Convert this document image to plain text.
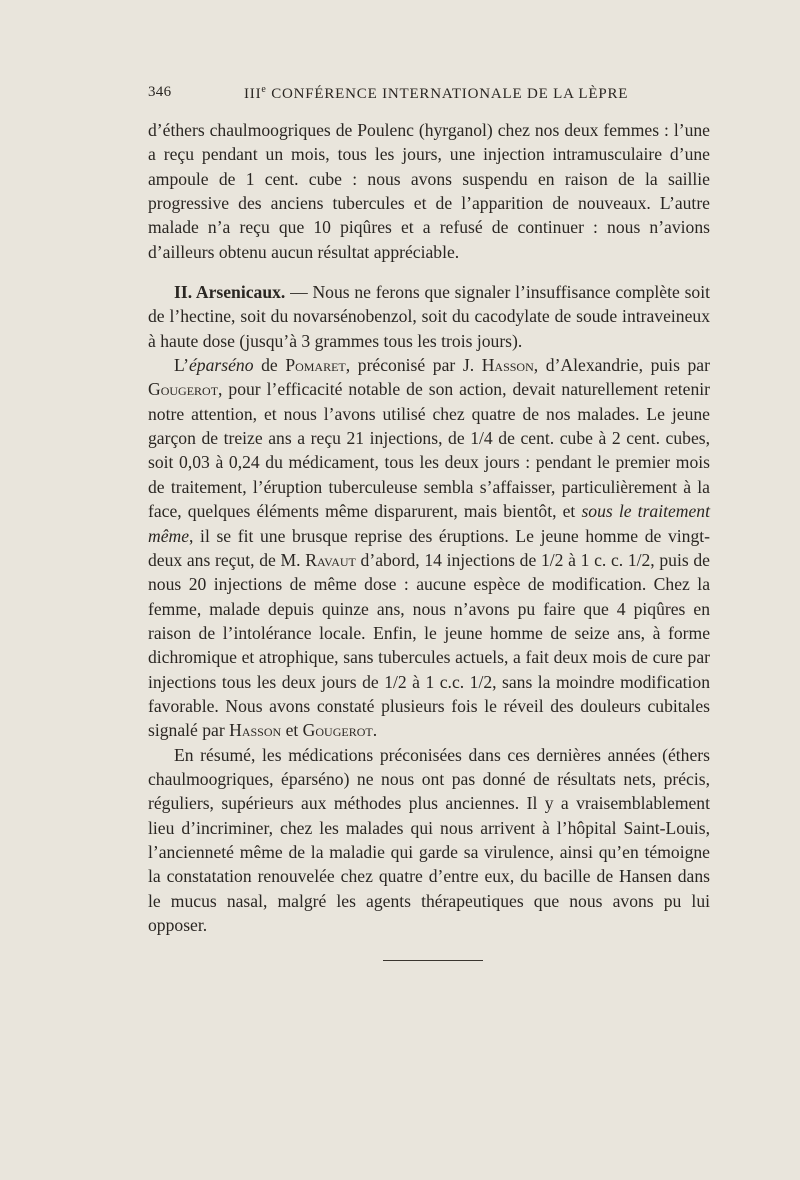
346	IIIe CONFÉRENCE INTERNATIONALE DE LA LÈPRE

d’éthers chaulmoogriques de Poulenc (hyrganol) chez nos deux femmes : l’une a reçu pendant un mois, tous les jours, une injection intramusculaire d’une ampoule de 1 cent. cube : nous avons suspendu en raison de la saillie progressive des anciens tubercules et de l’apparition de nouveaux. L’autre malade n’a reçu que 10 piqûres et a refusé de continuer : nous n’avions d’ailleurs obtenu aucun résultat appréciable.

II. Arsenicaux. — Nous ne ferons que signaler l’insuffisance complète soit de l’hectine, soit du novarsénobenzol, soit du cacodylate de soude intraveineux à haute dose (jusqu’à 3 grammes tous les trois jours).

L’éparséno de Pomaret, préconisé par J. Hasson, d’Alexandrie, puis par Gougerot, pour l’efficacité notable de son action, devait naturellement retenir notre attention, et nous l’avons utilisé chez quatre de nos malades. Le jeune garçon de treize ans a reçu 21 injections, de 1/4 de cent. cube à 2 cent. cubes, soit 0,03 à 0,24 du médicament, tous les deux jours : pendant le premier mois de traitement, l’éruption tuberculeuse sembla s’affaisser, particulièrement à la face, quelques éléments même disparurent, mais bientôt, et sous le traitement même, il se fit une brusque reprise des éruptions. Le jeune homme de vingt-deux ans reçut, de M. Ravaut d’abord, 14 injections de 1/2 à 1 c. c. 1/2, puis de nous 20 injections de même dose : aucune espèce de modification. Chez la femme, malade depuis quinze ans, nous n’avons pu faire que 4 piqûres en raison de l’intolérance locale. Enfin, le jeune homme de seize ans, à forme dichromique et atrophique, sans tubercules actuels, a fait deux mois de cure par injections tous les deux jours de 1/2 à 1 c.c. 1/2, sans la moindre modification favorable. Nous avons constaté plusieurs fois le réveil des douleurs cubitales signalé par Hasson et Gougerot.

En résumé, les médications préconisées dans ces dernières années (éthers chaulmoogriques, éparséno) ne nous ont pas donné de résultats nets, précis, réguliers, supérieurs aux méthodes plus anciennes. Il y a vraisemblablement lieu d’incriminer, chez les malades qui nous arrivent à l’hôpital Saint-Louis, l’ancienneté même de la maladie qui garde sa virulence, ainsi qu’en témoigne la constatation renouvelée chez quatre d’entre eux, du bacille de Hansen dans le mucus nasal, malgré les agents thérapeutiques que nous avons pu lui opposer.
